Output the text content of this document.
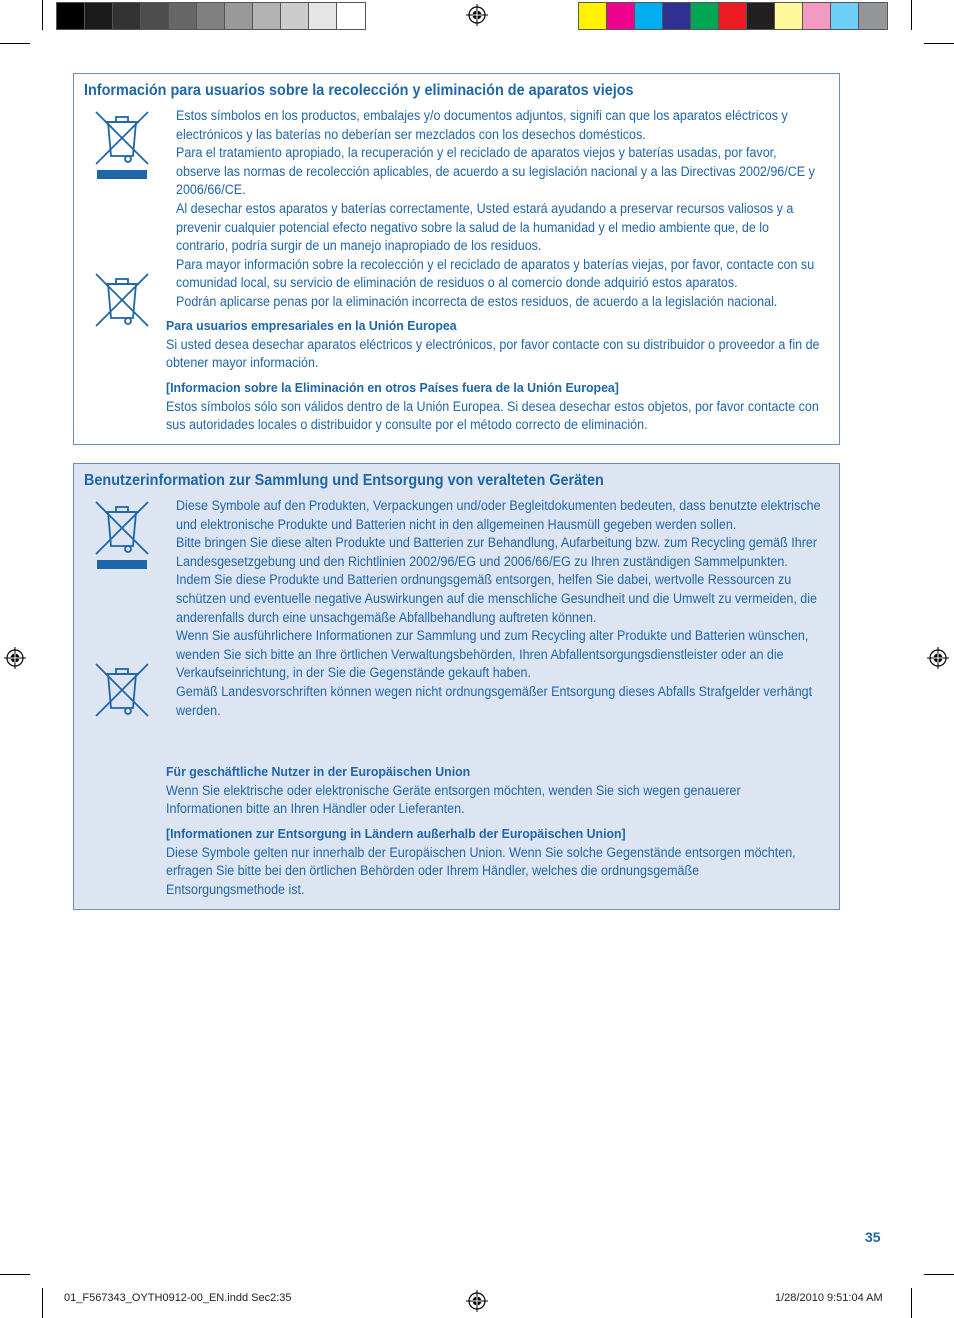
Información para usuarios sobre la recolección y eliminación de aparatos viejos

Estos símbolos en los productos, embalajes y/o documentos adjuntos, signifi can que los aparatos eléctricos y electrónicos y las baterías no deberían ser mezclados con los desechos domésticos.

Para el tratamiento apropiado, la recuperación y el reciclado de aparatos viejos y baterías usadas, por favor, observe las normas de recolección aplicables, de acuerdo a su legislación nacional y a las Directivas 2002/96/CE y 2006/66/CE.

Al desechar estos aparatos y baterías correctamente, Usted estará ayudando a preservar recursos valiosos y a prevenir cualquier potencial efecto negativo sobre la salud de la humanidad y el medio ambiente que, de lo contrario, podría surgir de un manejo inapropiado de los residuos.

Para mayor información sobre la recolección y el reciclado de aparatos y baterías viejas, por favor, contacte con su comunidad local, su servicio de eliminación de residuos o al comercio donde adquirió estos aparatos.

Podrán aplicarse penas por la eliminación incorrecta de estos residuos, de acuerdo a la legislación nacional.

Para usuarios empresariales en la Unión Europea
Si usted desea desechar aparatos eléctricos y electrónicos, por favor contacte con su distribuidor o proveedor a fin de obtener mayor información.
[Informacion sobre la Eliminación en otros Países fuera de la Unión Europea]
Estos símbolos sólo son válidos dentro de la Unión Europea. Si desea desechar estos objetos, por favor contacte con sus autoridades locales o distribuidor y consulte por el método correcto de eliminación.
Benutzerinformation zur Sammlung und Entsorgung von veralteten Geräten

Diese Symbole auf den Produkten, Verpackungen und/oder Begleitdokumenten bedeuten, dass benutzte elektrische und elektronische Produkte und Batterien nicht in den allgemeinen Hausmüll gegeben werden sollen.

Bitte bringen Sie diese alten Produkte und Batterien zur Behandlung, Aufarbeitung bzw. zum Recycling gemäß Ihrer Landesgesetzgebung und den Richtlinien 2002/96/EG und 2006/66/EG zu Ihren zuständigen Sammelpunkten.

Indem Sie diese Produkte und Batterien ordnungsgemäß entsorgen, helfen Sie dabei, wertvolle Ressourcen zu schützen und eventuelle negative Auswirkungen auf die menschliche Gesundheit und die Umwelt zu vermeiden, die anderenfalls durch eine unsachgemäße Abfallbehandlung auftreten können.

Wenn Sie ausführlichere Informationen zur Sammlung und zum Recycling alter Produkte und Batterien wünschen, wenden Sie sich bitte an Ihre örtlichen Verwaltungsbehörden, Ihren Abfallentsorgungsdienstleister oder an die Verkaufseinrichtung, in der Sie die Gegenstände gekauft haben.

Gemäß Landesvorschriften können wegen nicht ordnungsgemäßer Entsorgung dieses Abfalls Strafgelder verhängt werden.

Für geschäftliche Nutzer in der Europäischen Union
Wenn Sie elektrische oder elektronische Geräte entsorgen möchten, wenden Sie sich wegen genauerer Informationen bitte an Ihren Händler oder Lieferanten.
[Informationen zur Entsorgung in Ländern außerhalb der Europäischen Union]
Diese Symbole gelten nur innerhalb der Europäischen Union. Wenn Sie solche Gegenstände entsorgen möchten, erfragen Sie bitte bei den örtlichen Behörden oder Ihrem Händler, welches die ordnungsgemäße Entsorgungsmethode ist.
35
01_F567343_OYTH0912-00_EN.indd Sec2:35	1/28/2010 9:51:04 AM
